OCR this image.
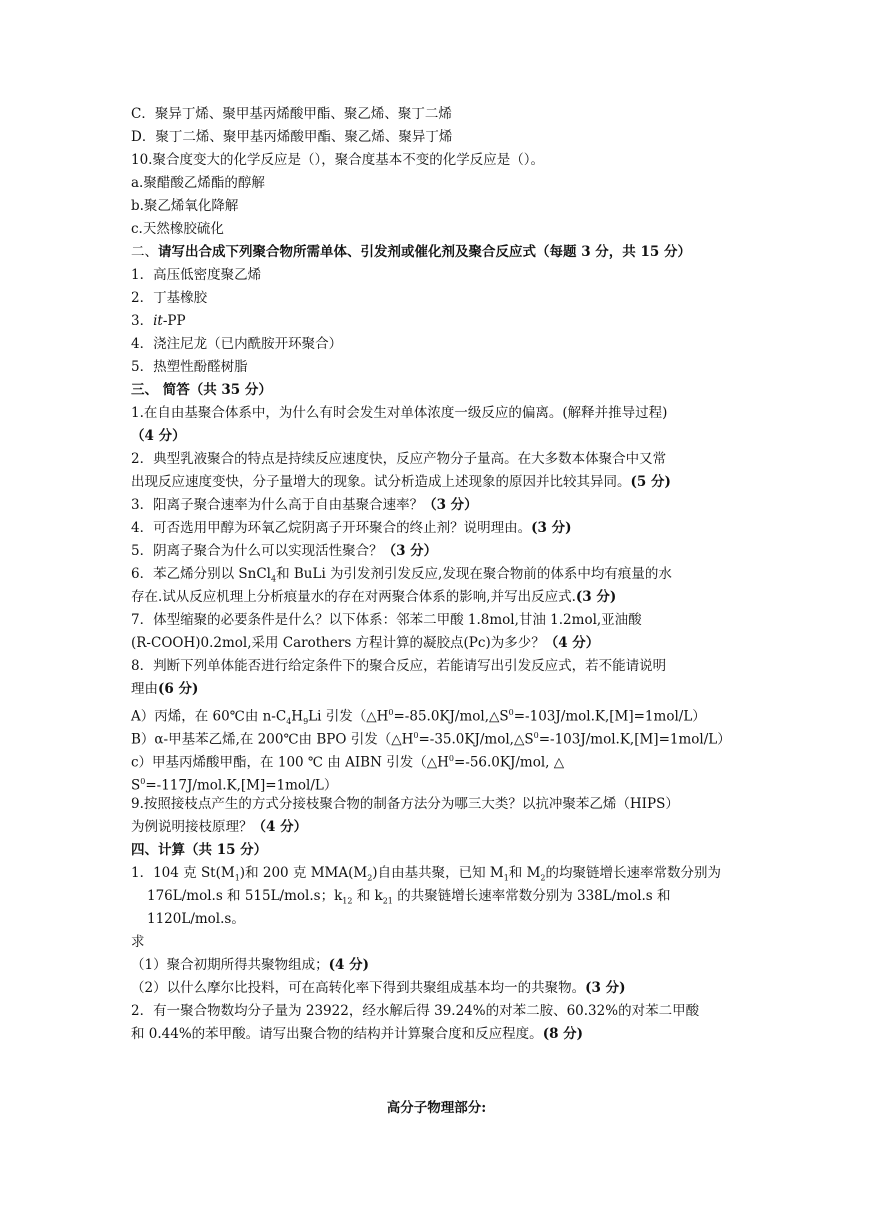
C．聚异丁烯、聚甲基丙烯酸甲酯、聚乙烯、聚丁二烯
D．聚丁二烯、聚甲基丙烯酸甲酯、聚乙烯、聚异丁烯
10.聚合度变大的化学反应是（），聚合度基本不变的化学反应是（）。
a.聚醋酸乙烯酯的醇解
b.聚乙烯氧化降解
c.天然橡胶硫化
二、请写出合成下列聚合物所需单体、引发剂或催化剂及聚合反应式（每题 3 分，共 15 分）
1．高压低密度聚乙烯
2．丁基橡胶
3．it-PP
4．浇注尼龙（已内酰胺开环聚合）
5．热塑性酚醛树脂
三、 简答（共 35 分）
1.在自由基聚合体系中，为什么有时会发生对单体浓度一级反应的偏离。(解释并推导过程)
（4 分）
2．典型乳液聚合的特点是持续反应速度快，反应产物分子量高。在大多数本体聚合中又常
出现反应速度变快，分子量增大的现象。试分析造成上述现象的原因并比较其异同。(5 分)
3．阳离子聚合速率为什么高于自由基聚合速率？（3 分）
4．可否选用甲醇为环氧乙烷阴离子开环聚合的终止剂？说明理由。(3 分)
5．阴离子聚合为什么可以实现活性聚合？（3 分）
6．苯乙烯分别以 SnCl$_4$和 BuLi 为引发剂引发反应,发现在聚合物前的体系中均有痕量的水
存在.试从反应机理上分析痕量水的存在对两聚合体系的影响,并写出反应式.(3 分)
7．体型缩聚的必要条件是什么？以下体系：邻苯二甲酸 1.8mol,甘油 1.2mol,亚油酸
(R-COOH)0.2mol,采用 Carothers 方程计算的凝胶点(Pc)为多少？（4 分）
8．判断下列单体能否进行给定条件下的聚合反应，若能请写出引发反应式，若不能请说明
理由(6 分)
A）丙烯，在 60℃由 $n-C_4H_9Li$ 引发$(\triangle H^0=-85.0KJ/mol,\triangle S^0=-103J/mol.K,[M]=1mol/L)$
B）α-甲基苯乙烯,在 200℃由 BPO 引发$(\triangle H^0=-35.0KJ/mol,\triangle S^0=-103J/mol.K,[M]=1mol/L)$
c）甲基丙烯酸甲酯，在 100 ℃ 由 AIBN 引发（$\triangle H^0=-56.0KJ$/mol, △
$S^0=-117J/mol.K,[M]=1mol/L$）
9.按照接枝点产生的方式分接枝聚合物的制备方法分为哪三大类？以抗冲聚苯乙烯（HIPS）
为例说明接枝原理？（4 分）
四、计算（共 15 分）
1．104 克 $St(M_1)$和 200 克 $MMA(M_2)$自由基共聚，已知 $M_1$和 $M_2$的均聚链增长速率常数分别为
176L/mol.s 和 515L/mol.s；$k_{12}$ 和 $k_{21}$ 的共聚链增长速率常数分别为 338L/mol.s 和
1120L/mol.s。
求
（1）聚合初期所得共聚物组成；(4 分)
（2）以什么摩尔比投料，可在高转化率下得到共聚组成基本均一的共聚物。(3 分)
2．有一聚合物数均分子量为 23922，经水解后得 39.24%的对苯二胺、60.32%的对苯二甲酸
和 0.44%的苯甲酸。请写出聚合物的结构并计算聚合度和反应程度。(8 分)
高分子物理部分:
